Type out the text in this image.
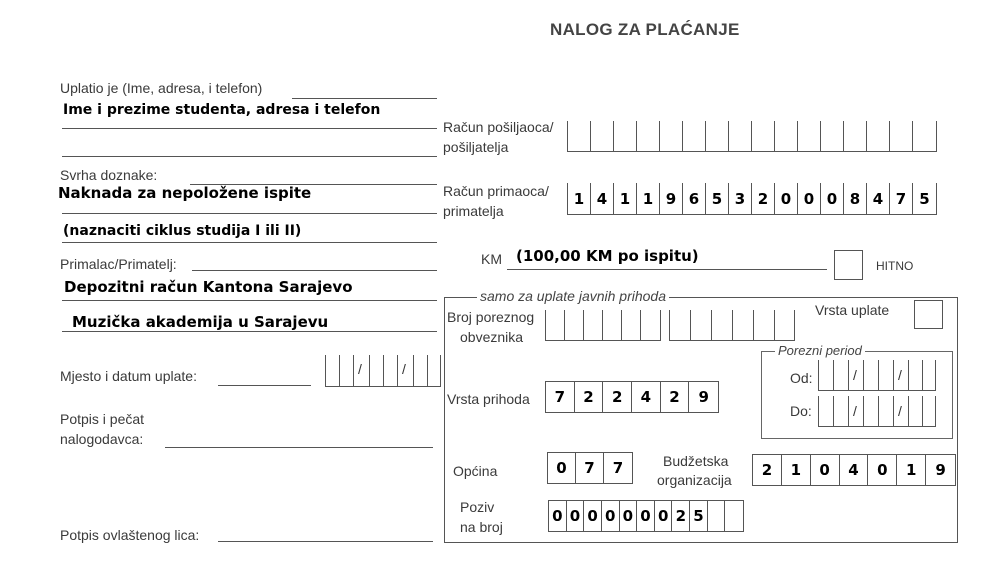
NALOG ZA PLAĆANJE
Uplatio je (Ime, adresa, i telefon)
Ime i prezime studenta, adresa i telefon
Svrha doznake:
Naknada za nepoložene ispite
(naznaciti ciklus studija I ili II)
Primalac/Primatelj:
Depozitni račun Kantona Sarajevo
Muzička akademija u Sarajevu
Mjesto i datum uplate:	/	/
Potpis i pečat
nalogodavca:
Potpis ovlaštenog lica:
Račun pošiljaoca/
pošiljatelja
Račun primaoca/
primatelja
1 4 1 1 9 6 5 3 2 0 0 0 8 4 7 5
KM (100,00 KM po ispitu)
HITNO
samo za uplate javnih prihoda
Broj poreznog
obveznika
Vrsta uplate
Porezni period
Od:	/	/
Do:	/	/
Vrsta prihoda	7	2	2	4	2	9
Općina	0	7	7	Budžetska
organizacija
2	1	0	4	0	1	9
Poziv
na broj
0 0 0 0 0 0 0 2 5
